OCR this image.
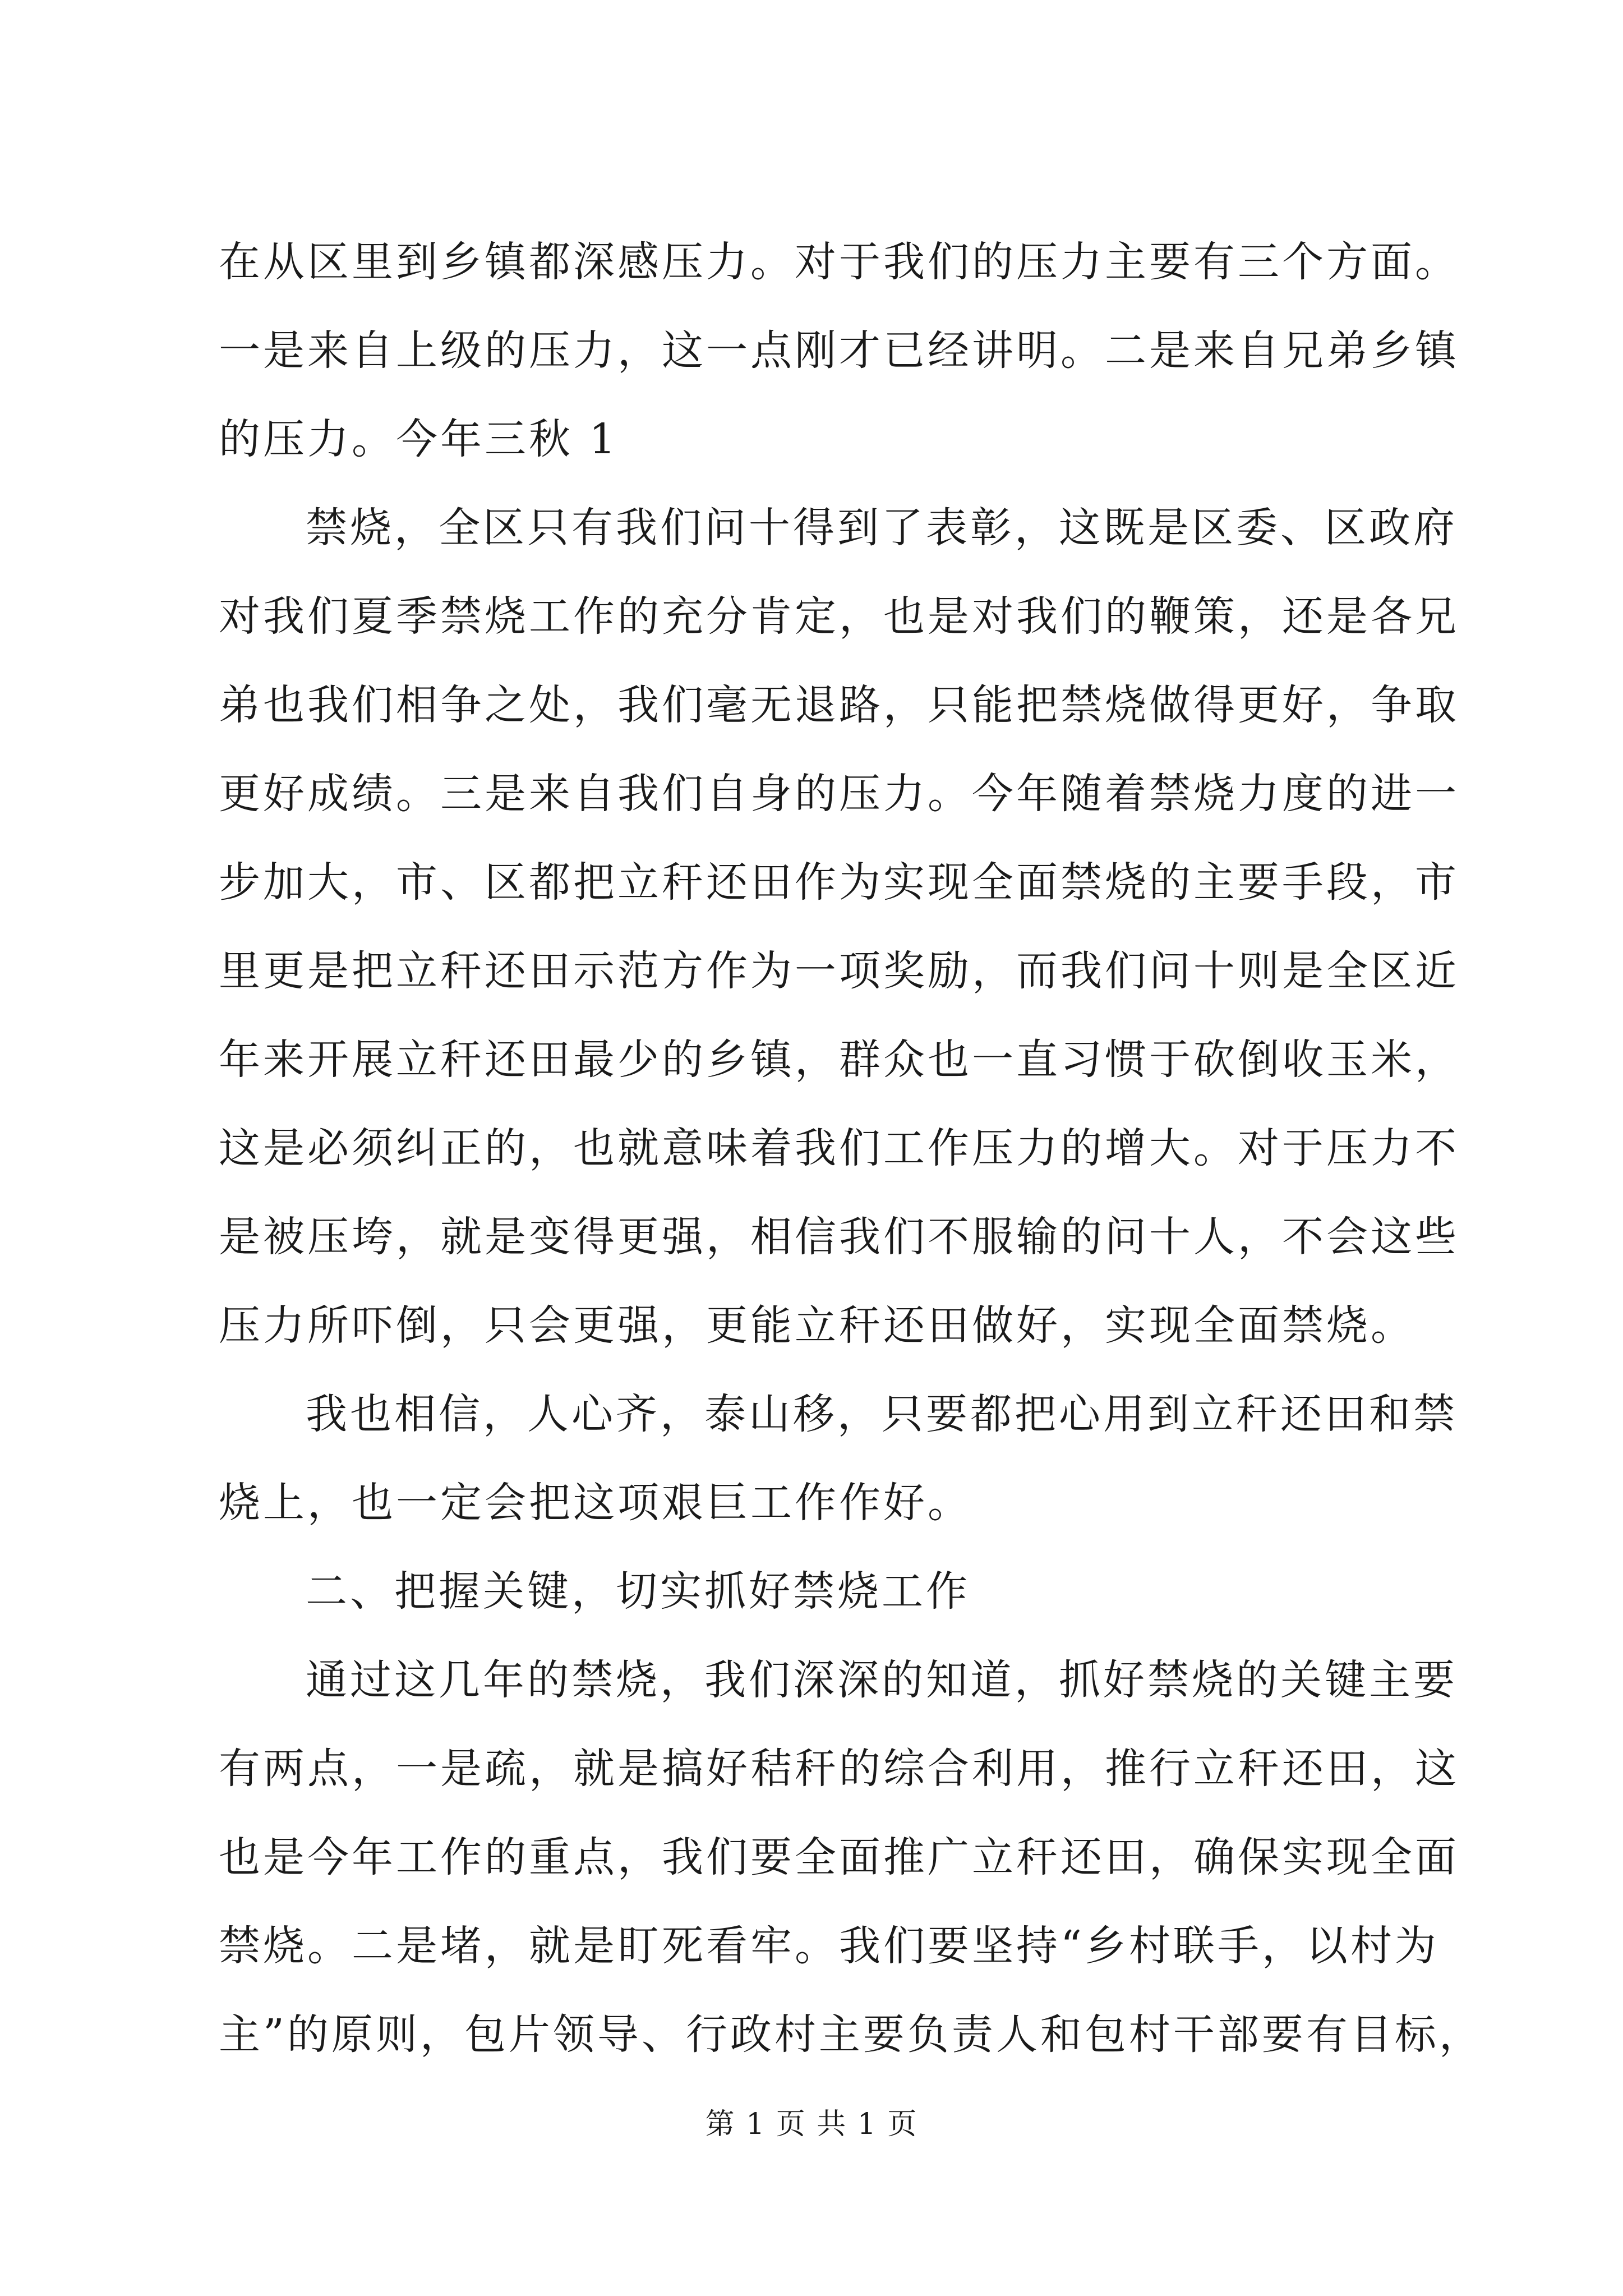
在从区里到乡镇都深感压力。对于我们的压力主要有三个方面。
一是来自上级的压力，这一点刚才已经讲明。二是来自兄弟乡镇
的压力。今年三秋 1
禁烧，全区只有我们问十得到了表彰，这既是区委、区政府
对我们夏季禁烧工作的充分肯定，也是对我们的鞭策，还是各兄
弟也我们相争之处，我们毫无退路，只能把禁烧做得更好，争取
更好成绩。三是来自我们自身的压力。今年随着禁烧力度的进一
步加大，市、区都把立秆还田作为实现全面禁烧的主要手段，市
里更是把立秆还田示范方作为一项奖励，而我们问十则是全区近
年来开展立秆还田最少的乡镇，群众也一直习惯于砍倒收玉米，
这是必须纠正的，也就意味着我们工作压力的增大。对于压力不
是被压垮，就是变得更强，相信我们不服输的问十人，不会这些
压力所吓倒，只会更强，更能立秆还田做好，实现全面禁烧。
我也相信，人心齐，泰山移，只要都把心用到立秆还田和禁
烧上，也一定会把这项艰巨工作作好。
二、把握关键，切实抓好禁烧工作
通过这几年的禁烧，我们深深的知道，抓好禁烧的关键主要
有两点，一是疏，就是搞好秸秆的综合利用，推行立秆还田，这
也是今年工作的重点，我们要全面推广立秆还田，确保实现全面
禁烧。二是堵，就是盯死看牢。我们要坚持“乡村联手，以村为
主”的原则，包片领导、行政村主要负责人和包村干部要有目标，
第 1 页 共 1 页
